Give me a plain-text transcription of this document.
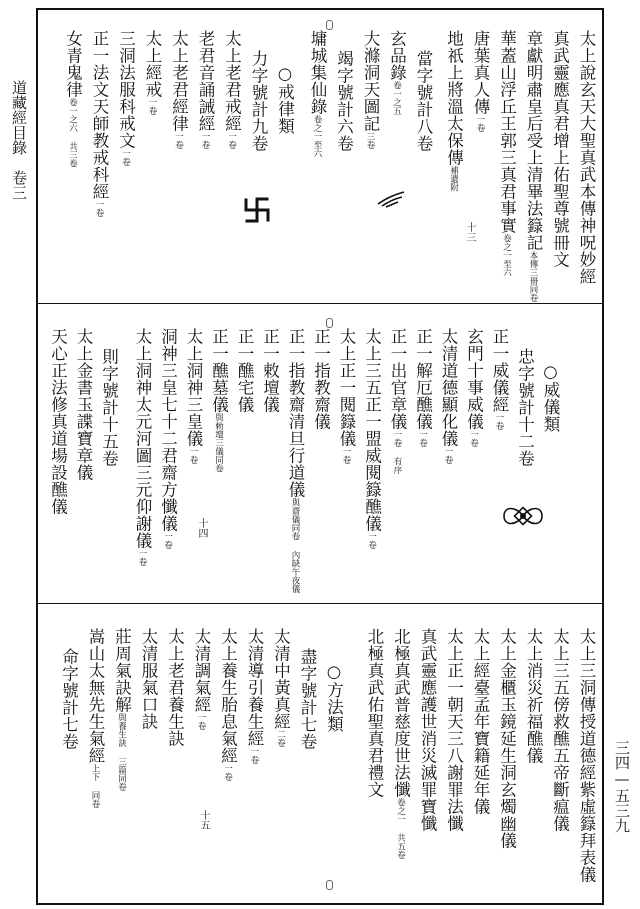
道藏經目錄　卷三
三四—五三九
太上說玄天大聖真武本傳神呪妙經
真武靈應真君增上佑聖尊號冊文
章獻明肅皇后受上清畢法籙記本傳三冊同卷
華蓋山浮丘王郭三真君事實卷之一至六
唐葉真人傳一卷
地祇上將溫太保傳補遺附
當字號計八卷
玄品錄卷一之五
大滌洞天圖記三卷
竭字號計六卷
墉城集仙錄卷之一至六
○戒律類
力字號計九卷
太上老君戒經一卷
老君音誦誡經一卷
太上老君經律一卷
太上經戒一卷
三洞法服科戒文一卷
正一法文天師教戒科經一卷
女青鬼律卷一之六 共三卷
○威儀類
忠字號計十二卷
正一威儀經一卷
玄門十事威儀一卷
太清道德顯化儀一卷
正一解厄醮儀一卷
正一出官章儀一卷 有序
太上三五正一盟威閱籙醮儀一卷
太上正一閱籙儀一卷
正一指教齋儀
正一指教齋清旦行道儀與齋儀同卷 內缺午夜儀
正一敕壇儀
正一醮宅儀
正一醮墓儀與勅壇三儀同卷
太上洞神三皇儀一卷
洞神三皇七十二君齋方懺儀一卷
太上洞神太元河圖三元仰謝儀一卷
則字號計十五卷
太上金書玉諜寶章儀
天心正法修真道場設醮儀
太上三洞傳授道德經紫虛籙拜表儀
太上三五傍救醮五帝斷瘟儀
太上消災祈福醮儀
太上金櫃玉鏡延生洞玄燭幽儀
太上經臺孟年寶籍延年儀
太上正一朝天三八謝罪法懺
真武靈應護世消災滅罪寶懺
北極真武普慈度世法懺卷之一 共五卷
北極真武佑聖真君禮文
○方法類
盡字號計七卷
太清中黃真經二卷
太清導引養生經一卷
太上養生胎息氣經一卷
太清調氣經一卷
太上老君養生訣
太清服氣口訣
莊周氣訣解與養生訣 三篇同卷
嵩山太無先生氣經上下 同卷
命字號計七卷
十三
十五
十四
